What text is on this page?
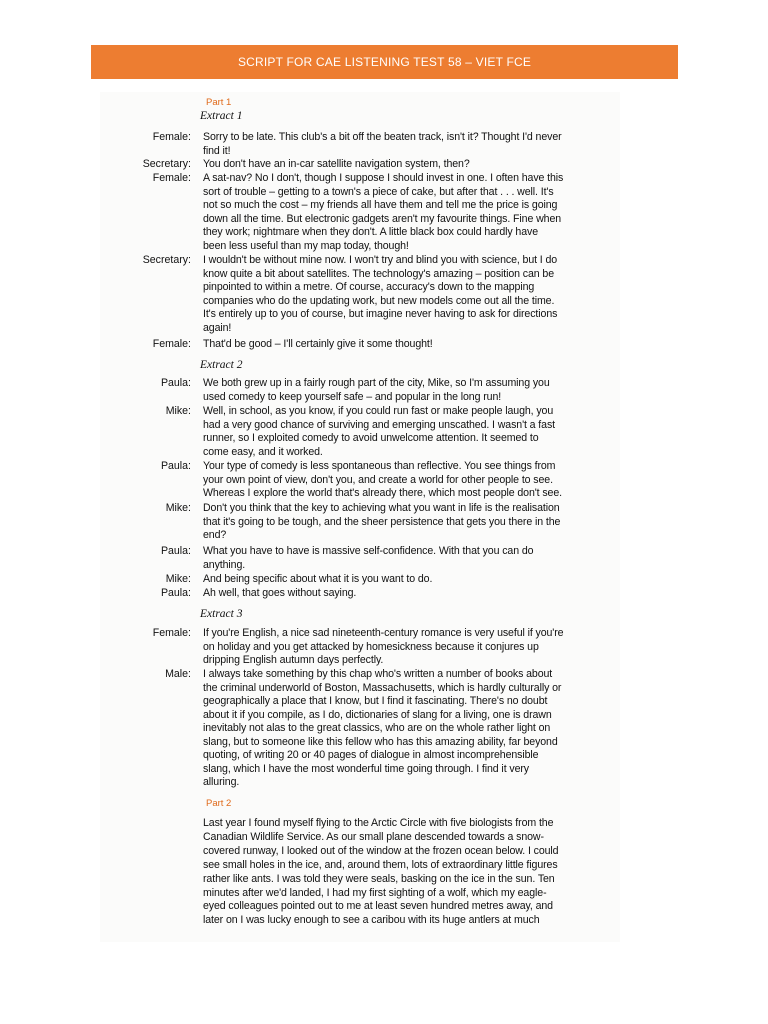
SCRIPT FOR CAE LISTENING TEST 58 – VIET FCE
Part 1
Extract 1
Female: Sorry to be late. This club's a bit off the beaten track, isn't it? Thought I'd never
find it!
Secretary: You don't have an in-car satellite navigation system, then?
Female: A sat-nav? No I don't, though I suppose I should invest in one. I often have this
sort of trouble – getting to a town's a piece of cake, but after that . . . well. It's
not so much the cost – my friends all have them and tell me the price is going
down all the time. But electronic gadgets aren't my favourite things. Fine when
they work; nightmare when they don't. A little black box could hardly have
been less useful than my map today, though!
Secretary: I wouldn't be without mine now. I won't try and blind you with science, but I do
know quite a bit about satellites. The technology's amazing – position can be
pinpointed to within a metre. Of course, accuracy's down to the mapping
companies who do the updating work, but new models come out all the time.
It's entirely up to you of course, but imagine never having to ask for directions
again!
Female: That'd be good – I'll certainly give it some thought!
Extract 2
Paula: We both grew up in a fairly rough part of the city, Mike, so I'm assuming you
used comedy to keep yourself safe – and popular in the long run!
Mike: Well, in school, as you know, if you could run fast or make people laugh, you
had a very good chance of surviving and emerging unscathed. I wasn't a fast
runner, so I exploited comedy to avoid unwelcome attention. It seemed to
come easy, and it worked.
Paula: Your type of comedy is less spontaneous than reflective. You see things from
your own point of view, don't you, and create a world for other people to see.
Whereas I explore the world that's already there, which most people don't see.
Mike: Don't you think that the key to achieving what you want in life is the realisation
that it's going to be tough, and the sheer persistence that gets you there in the
end?
Paula: What you have to have is massive self-confidence. With that you can do
anything.
Mike: And being specific about what it is you want to do.
Paula: Ah well, that goes without saying.
Extract 3
Female: If you're English, a nice sad nineteenth-century romance is very useful if you're
on holiday and you get attacked by homesickness because it conjures up
dripping English autumn days perfectly.
Male: I always take something by this chap who's written a number of books about
the criminal underworld of Boston, Massachusetts, which is hardly culturally or
geographically a place that I know, but I find it fascinating. There's no doubt
about it if you compile, as I do, dictionaries of slang for a living, one is drawn
inevitably not alas to the great classics, who are on the whole rather light on
slang, but to someone like this fellow who has this amazing ability, far beyond
quoting, of writing 20 or 40 pages of dialogue in almost incomprehensible
slang, which I have the most wonderful time going through. I find it very
alluring.
Part 2
Last year I found myself flying to the Arctic Circle with five biologists from the
Canadian Wildlife Service. As our small plane descended towards a snow-
covered runway, I looked out of the window at the frozen ocean below. I could
see small holes in the ice, and, around them, lots of extraordinary little figures
rather like ants. I was told they were seals, basking on the ice in the sun. Ten
minutes after we'd landed, I had my first sighting of a wolf, which my eagle-
eyed colleagues pointed out to me at least seven hundred metres away, and
later on I was lucky enough to see a caribou with its huge antlers at much
